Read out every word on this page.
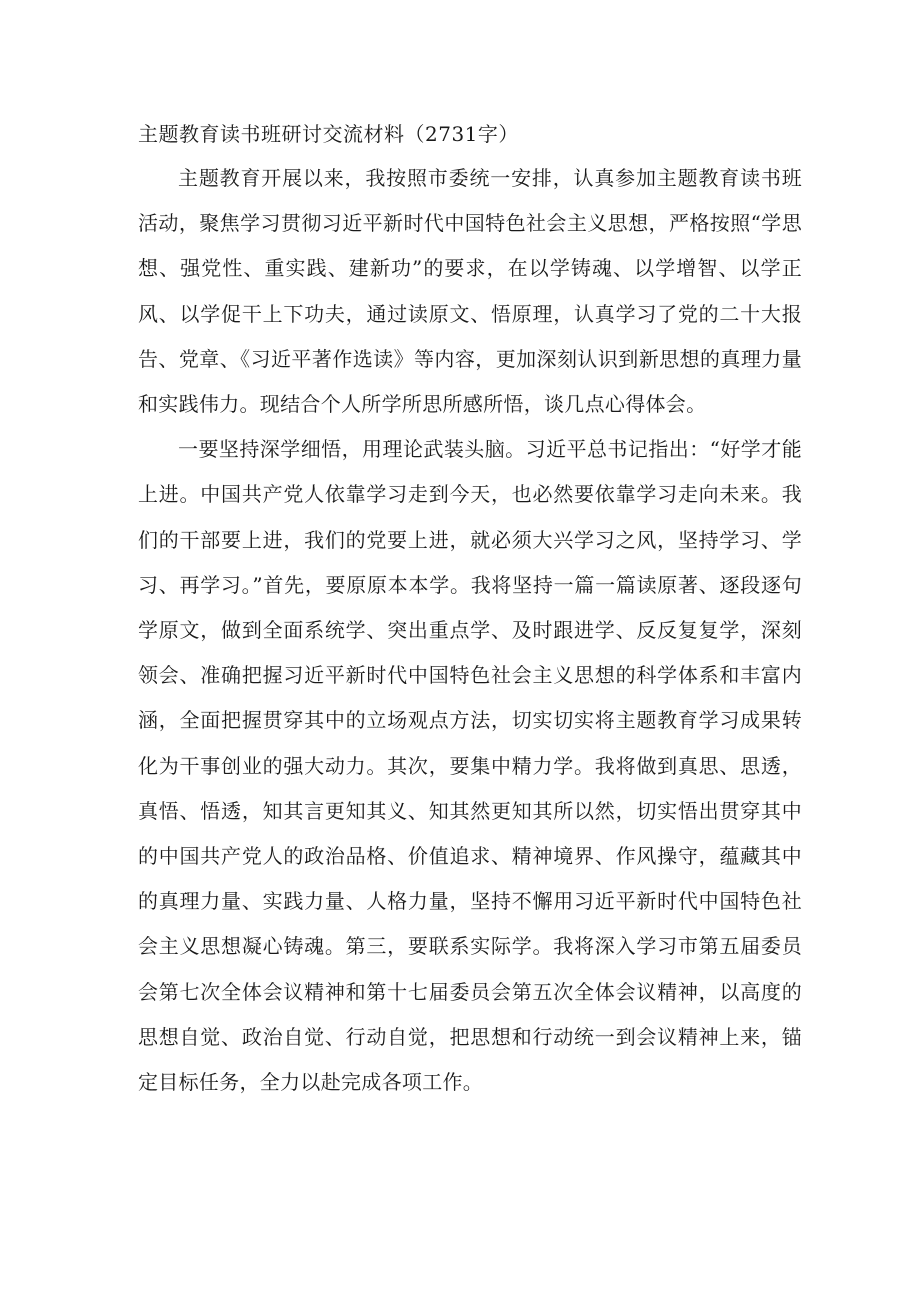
主题教育读书班研讨交流材料（2731字）

主题教育开展以来，我按照市委统一安排，认真参加主题教育读书班活动，聚焦学习贯彻习近平新时代中国特色社会主义思想，严格按照“学思想、强党性、重实践、建新功”的要求，在以学铸魂、以学增智、以学正风、以学促干上下功夫，通过读原文、悟原理，认真学习了党的二十大报告、党章、《习近平著作选读》等内容，更加深刻认识到新思想的真理力量和实践伟力。现结合个人所学所思所感所悟，谈几点心得体会。

一要坚持深学细悟，用理论武装头脑。习近平总书记指出：“好学才能上进。中国共产党人依靠学习走到今天，也必然要依靠学习走向未来。我们的干部要上进，我们的党要上进，就必须大兴学习之风，坚持学习、学习、再学习。”首先，要原原本本学。我将坚持一篇一篇读原著、逐段逐句学原文，做到全面系统学、突出重点学、及时跟进学、反反复复学，深刻领会、准确把握习近平新时代中国特色社会主义思想的科学体系和丰富内涵，全面把握贯穿其中的立场观点方法，切实切实将主题教育学习成果转化为干事创业的强大动力。其次，要集中精力学。我将做到真思、思透，真悟、悟透，知其言更知其义、知其然更知其所以然，切实悟出贯穿其中的中国共产党人的政治品格、价值追求、精神境界、作风操守，蕴藏其中的真理力量、实践力量、人格力量，坚持不懈用习近平新时代中国特色社会主义思想凝心铸魂。第三，要联系实际学。我将深入学习市第五届委员会第七次全体会议精神和第十七届委员会第五次全体会议精神，以高度的思想自觉、政治自觉、行动自觉，把思想和行动统一到会议精神上来，锚定目标任务，全力以赴完成各项工作。
